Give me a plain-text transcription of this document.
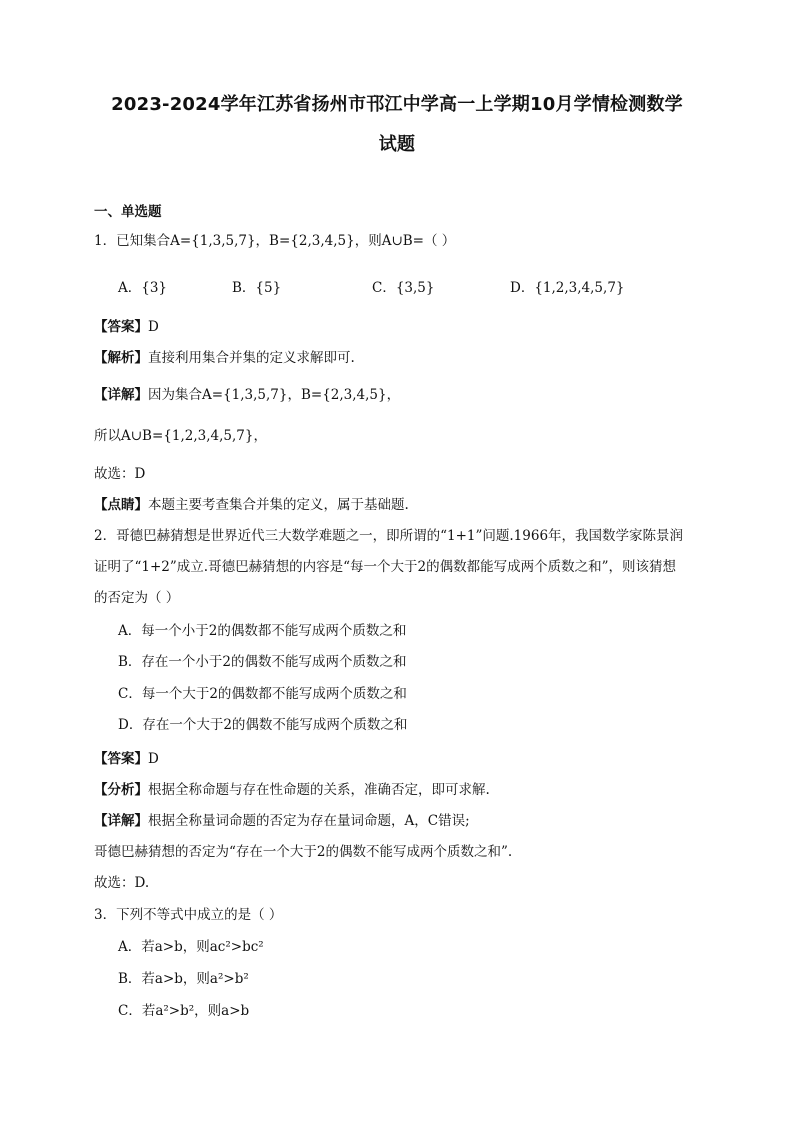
2023-2024学年江苏省扬州市邗江中学高一上学期10月学情检测数学
试题
一、单选题
1．已知集合A={1,3,5,7}，B={2,3,4,5}，则A∪B=（ ）
A．{3}	B．{5}	C．{3,5}	D．{1,2,3,4,5,7}
【答案】D
【解析】直接利用集合并集的定义求解即可.
【详解】因为集合A={1,3,5,7}，B={2,3,4,5}，
所以A∪B={1,2,3,4,5,7}，
故选：D
【点睛】本题主要考查集合并集的定义，属于基础题.
2．哥德巴赫猜想是世界近代三大数学难题之一，即所谓的“1+1”问题.1966年，我国数学家陈景润
证明了“1+2”成立.哥德巴赫猜想的内容是“每一个大于2的偶数都能写成两个质数之和”，则该猜想
的否定为（ ）
A．每一个小于2的偶数都不能写成两个质数之和
B．存在一个小于2的偶数不能写成两个质数之和
C．每一个大于2的偶数都不能写成两个质数之和
D．存在一个大于2的偶数不能写成两个质数之和
【答案】D
【分析】根据全称命题与存在性命题的关系，准确否定，即可求解.
【详解】根据全称量词命题的否定为存在量词命题，A，C错误;
哥德巴赫猜想的否定为“存在一个大于2的偶数不能写成两个质数之和”.
故选：D.
3．下列不等式中成立的是（ ）
A．若a>b，则ac²>bc²
B．若a>b，则a²>b²
C．若a²>b²，则a>b
